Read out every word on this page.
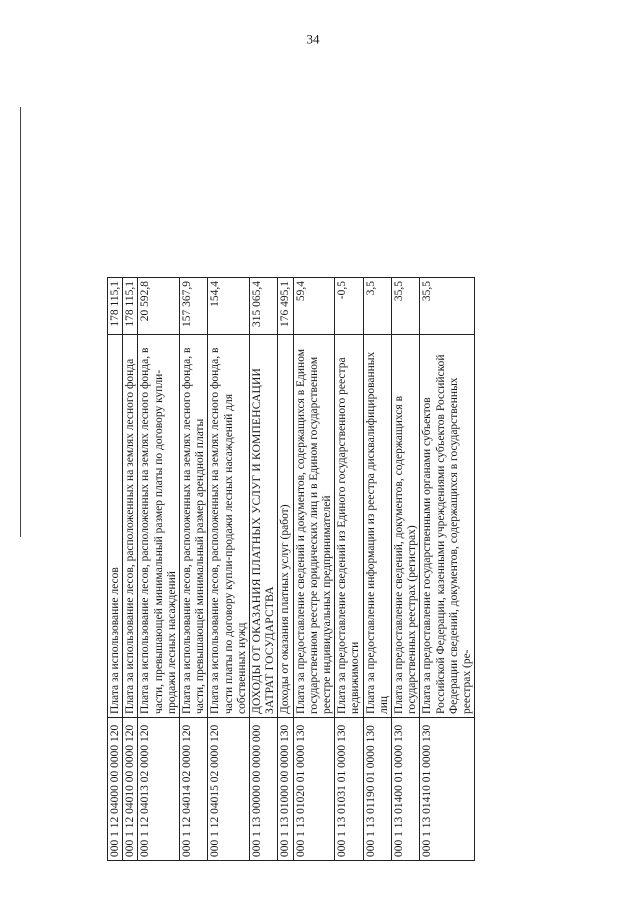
34
000 1 12 04000 00 0000 120	Плата за использование лесов	178 115,1
000 1 12 04010 00 0000 120	Плата за использование лесов, расположенных на землях лесного фонда	178 115,1
000 1 12 04013 02 0000 120	Плата за использование лесов, расположенных на землях лесного фонда, в части, превышающей минимальный размер платы по договору купли-продажи лесных насаждений	20 592,8
000 1 12 04014 02 0000 120	Плата за использование лесов, расположенных на землях лесного фонда, в части, превышающей минимальный размер арендной платы	157 367,9
000 1 12 04015 02 0000 120	Плата за использование лесов, расположенных на землях лесного фонда, в части платы по договору купли-продажи лесных насаждений для собственных нужд	154,4
000 1 13 00000 00 0000 000	ДОХОДЫ ОТ ОКАЗАНИЯ ПЛАТНЫХ УСЛУГ И КОМПЕНСАЦИИ ЗАТРАТ ГОСУДАРСТВА	315 065,4
000 1 13 01000 00 0000 130	Доходы от оказания платных услуг (работ)	176 495,1
000 1 13 01020 01 0000 130	Плата за предоставление сведений и документов, содержащихся в Едином государственном реестре юридических лиц и в Едином государственном реестре индивидуальных предпринимателей	59,4
000 1 13 01031 01 0000 130	Плата за предоставление сведений из Единого государственного реестра недвижимости	-0,5
000 1 13 01190 01 0000 130	Плата за предоставление информации из реестра дисквалифицированных лиц	3,5
000 1 13 01400 01 0000 130	Плата за предоставление сведений, документов, содержащихся в государственных реестрах (регистрах)	35,5
000 1 13 01410 01 0000 130	Плата за предоставление государственными органами субъектов Российской Федерации, казенными учреждениями субъектов Российской Федерации сведений, документов, содержащихся в государственных реестрах (ре-	35,5
